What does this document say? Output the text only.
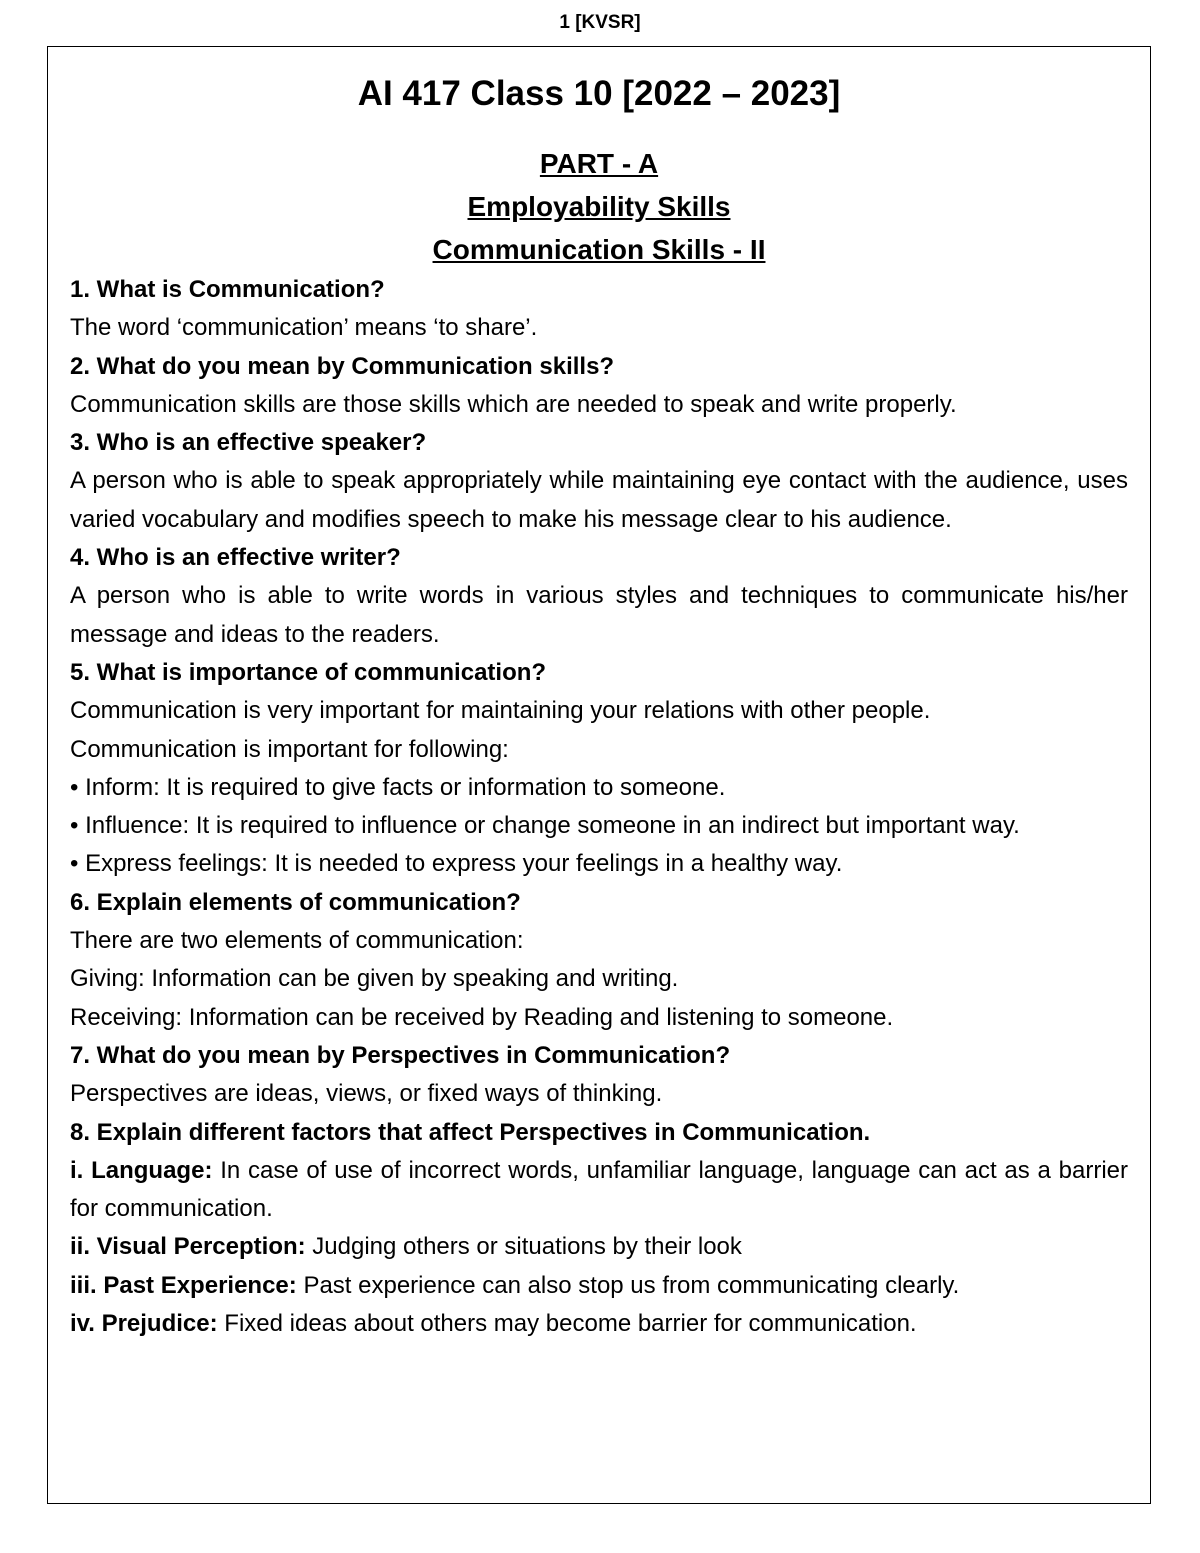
1 [KVSR]

AI 417 Class 10 [2022 – 2023]

PART - A

Employability Skills

Communication Skills - II

1. What is Communication?

The word ‘communication’ means ‘to share’.

2. What do you mean by Communication skills?

Communication skills are those skills which are needed to speak and write properly.

3. Who is an effective speaker?

A person who is able to speak appropriately while maintaining eye contact with the audience, uses varied vocabulary and modifies speech to make his message clear to his audience.

4. Who is an effective writer?

A person who is able to write words in various styles and techniques to communicate his/her message and ideas to the readers.

5. What is importance of communication?

Communication is very important for maintaining your relations with other people.

Communication is important for following:

• Inform: It is required to give facts or information to someone.

• Influence: It is required to influence or change someone in an indirect but important way.

• Express feelings: It is needed to express your feelings in a healthy way.

6. Explain elements of communication?

There are two elements of communication:

Giving: Information can be given by speaking and writing.

Receiving: Information can be received by Reading and listening to someone.

7. What do you mean by Perspectives in Communication?

Perspectives are ideas, views, or fixed ways of thinking.

8. Explain different factors that affect Perspectives in Communication.

i. Language: In case of use of incorrect words, unfamiliar language, language can act as a barrier for communication.

ii. Visual Perception: Judging others or situations by their look

iii. Past Experience: Past experience can also stop us from communicating clearly.

iv. Prejudice: Fixed ideas about others may become barrier for communication.
